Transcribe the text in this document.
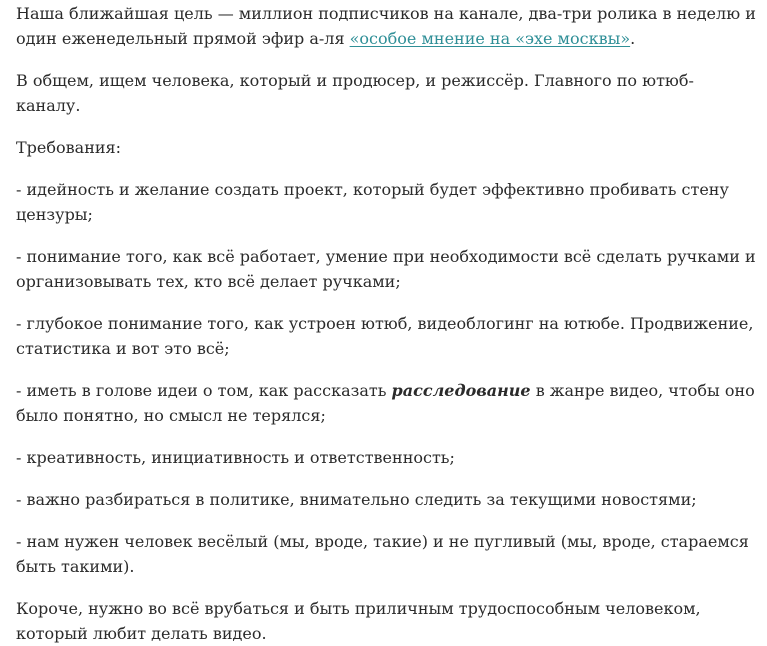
Наша ближайшая цель — миллион подписчиков на канале, два-три ролика в неделю и один еженедельный прямой эфир а-ля «особое мнение на «эхе москвы».

В общем, ищем человека, который и продюсер, и режиссёр. Главного по ютюб-каналу.

Требования:

- идейность и желание создать проект, который будет эффективно пробивать стену цензуры;

- понимание того, как всё работает, умение при необходимости всё сделать ручками и организовывать тех, кто всё делает ручками;

- глубокое понимание того, как устроен ютюб, видеоблогинг на ютюбе. Продвижение, статистика и вот это всё;

- иметь в голове идеи о том, как рассказать расследование в жанре видео, чтобы оно было понятно, но смысл не терялся;

- креативность, инициативность и ответственность;

- важно разбираться в политике, внимательно следить за текущими новостями;

- нам нужен человек весёлый (мы, вроде, такие) и не пугливый (мы, вроде, стараемся быть такими).

Короче, нужно во всё врубаться и быть приличным трудоспособным человеком, который любит делать видео.
